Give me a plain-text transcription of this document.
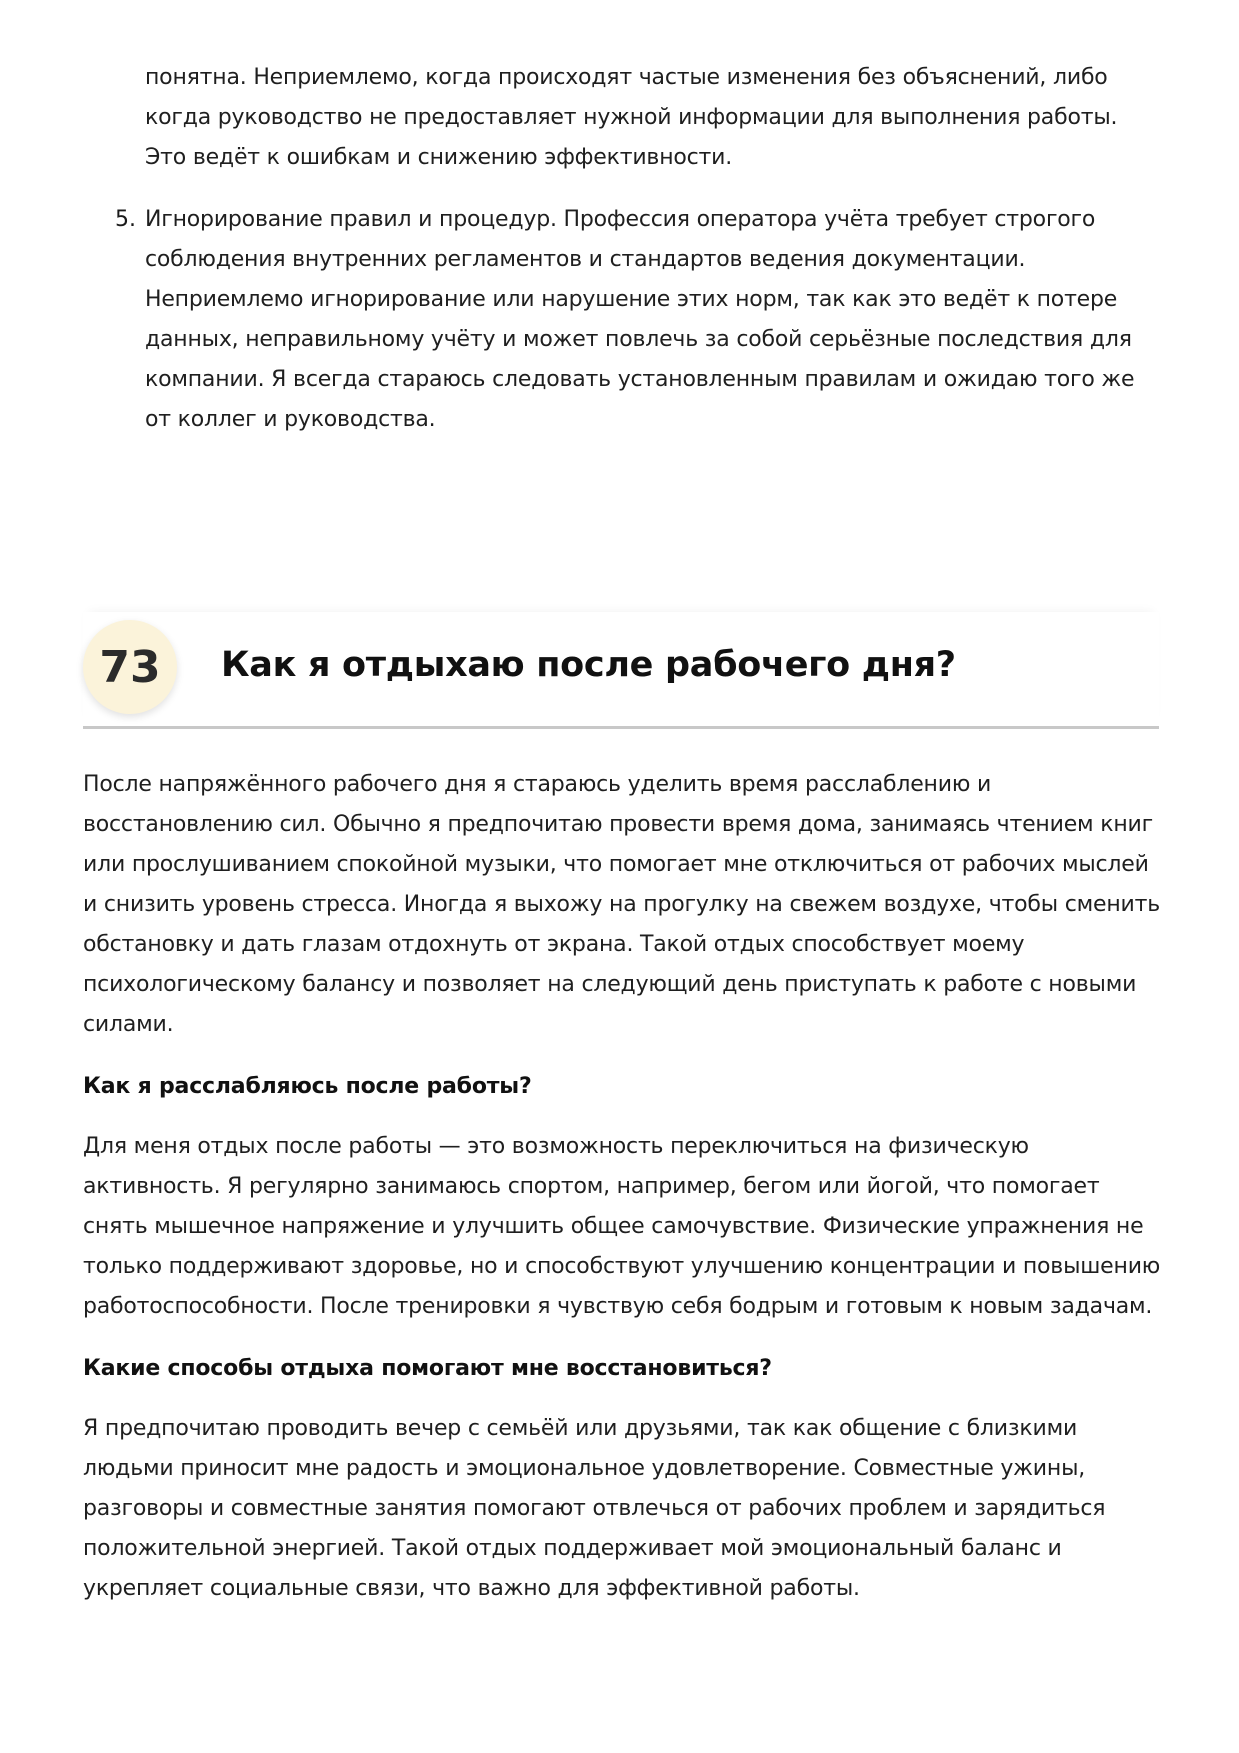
понятна. Неприемлемо, когда происходят частые изменения без объяснений, либо когда руководство не предоставляет нужной информации для выполнения работы. Это ведёт к ошибкам и снижению эффективности.

5. Игнорирование правил и процедур. Профессия оператора учёта требует строгого соблюдения внутренних регламентов и стандартов ведения документации. Неприемлемо игнорирование или нарушение этих норм, так как это ведёт к потере данных, неправильному учёту и может повлечь за собой серьёзные последствия для компании. Я всегда стараюсь следовать установленным правилам и ожидаю того же от коллег и руководства.

73	Как я отдыхаю после рабочего дня?

После напряжённого рабочего дня я стараюсь уделить время расслаблению и восстановлению сил. Обычно я предпочитаю провести время дома, занимаясь чтением книг или прослушиванием спокойной музыки, что помогает мне отключиться от рабочих мыслей и снизить уровень стресса. Иногда я выхожу на прогулку на свежем воздухе, чтобы сменить обстановку и дать глазам отдохнуть от экрана. Такой отдых способствует моему психологическому балансу и позволяет на следующий день приступать к работе с новыми силами.

Как я расслабляюсь после работы?

Для меня отдых после работы — это возможность переключиться на физическую активность. Я регулярно занимаюсь спортом, например, бегом или йогой, что помогает снять мышечное напряжение и улучшить общее самочувствие. Физические упражнения не только поддерживают здоровье, но и способствуют улучшению концентрации и повышению работоспособности. После тренировки я чувствую себя бодрым и готовым к новым задачам.

Какие способы отдыха помогают мне восстановиться?

Я предпочитаю проводить вечер с семьёй или друзьями, так как общение с близкими людьми приносит мне радость и эмоциональное удовлетворение. Совместные ужины, разговоры и совместные занятия помогают отвлечься от рабочих проблем и зарядиться положительной энергией. Такой отдых поддерживает мой эмоциональный баланс и укрепляет социальные связи, что важно для эффективной работы.
